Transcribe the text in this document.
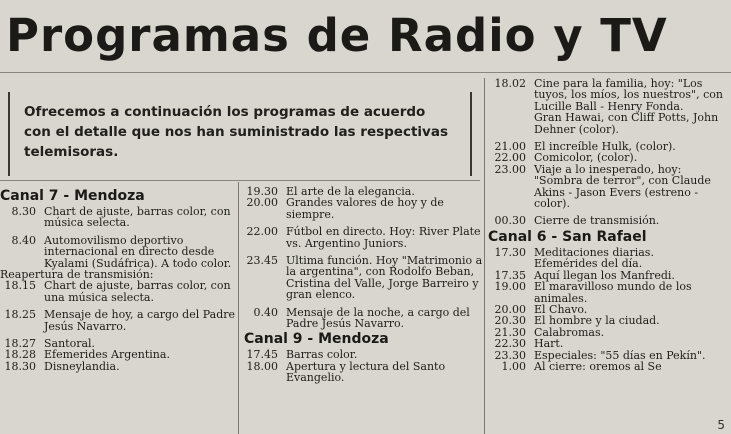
Programas de Radio y TV
Ofrecemos a continuación los programas de acuerdo con el detalle que nos han suministrado las respectivas telemisoras.
Canal 7 - Mendoza
8.30 Chart de ajuste, barras color, con música selecta.
8.40 Automovilismo deportivo internacional en directo desde Kyalami (Sudáfrica). A todo color.
Reapertura de transmisión:
18.15 Chart de ajuste, barras color, con una música selecta.
18.25 Mensaje de hoy, a cargo del Padre Jesús Navarro.
18.27 Santoral.
18.28 Efemerides Argentina.
18.30 Disneylandia.
19.30 El arte de la elegancia.
20.00 Grandes valores de hoy y de siempre.
22.00 Fútbol en directo. Hoy: River Plate vs. Argentino Juniors.
23.45 Ultima función. Hoy "Matrimonio a la argentina", con Rodolfo Beban, Cristina del Valle, Jorge Barreiro y gran elenco.
0.40 Mensaje de la noche, a cargo del Padre Jesús Navarro.
Canal 9 - Mendoza
17.45 Barras color.
18.00 Apertura y lectura del Santo Evangelio.
18.02 Cine para la familia, hoy: "Los tuyos, los míos, los nuestros", con Lucille Ball - Henry Fonda.
Gran Hawai, con Cliff Potts, John Dehner (color).
21.00 El increíble Hulk, (color).
22.00 Comicolor, (color).
23.00 Viaje a lo inesperado, hoy: "Sombra de terror", con Claude Akins - Jason Evers (estreno - color).
00.30 Cierre de transmisión.
Canal 6 - San Rafael
17.30 Meditaciones diarias.
Efemérides del día.
17.35 Aquí llegan los Manfredi.
19.00 El maravilloso mundo de los animales.
20.00 El Chavo.
20.30 El hombre y la ciudad.
21.30 Calabromas.
22.30 Hart.
23.30 Especiales: "55 días en Pekín".
1.00 Al cierre: oremos al Se
5
